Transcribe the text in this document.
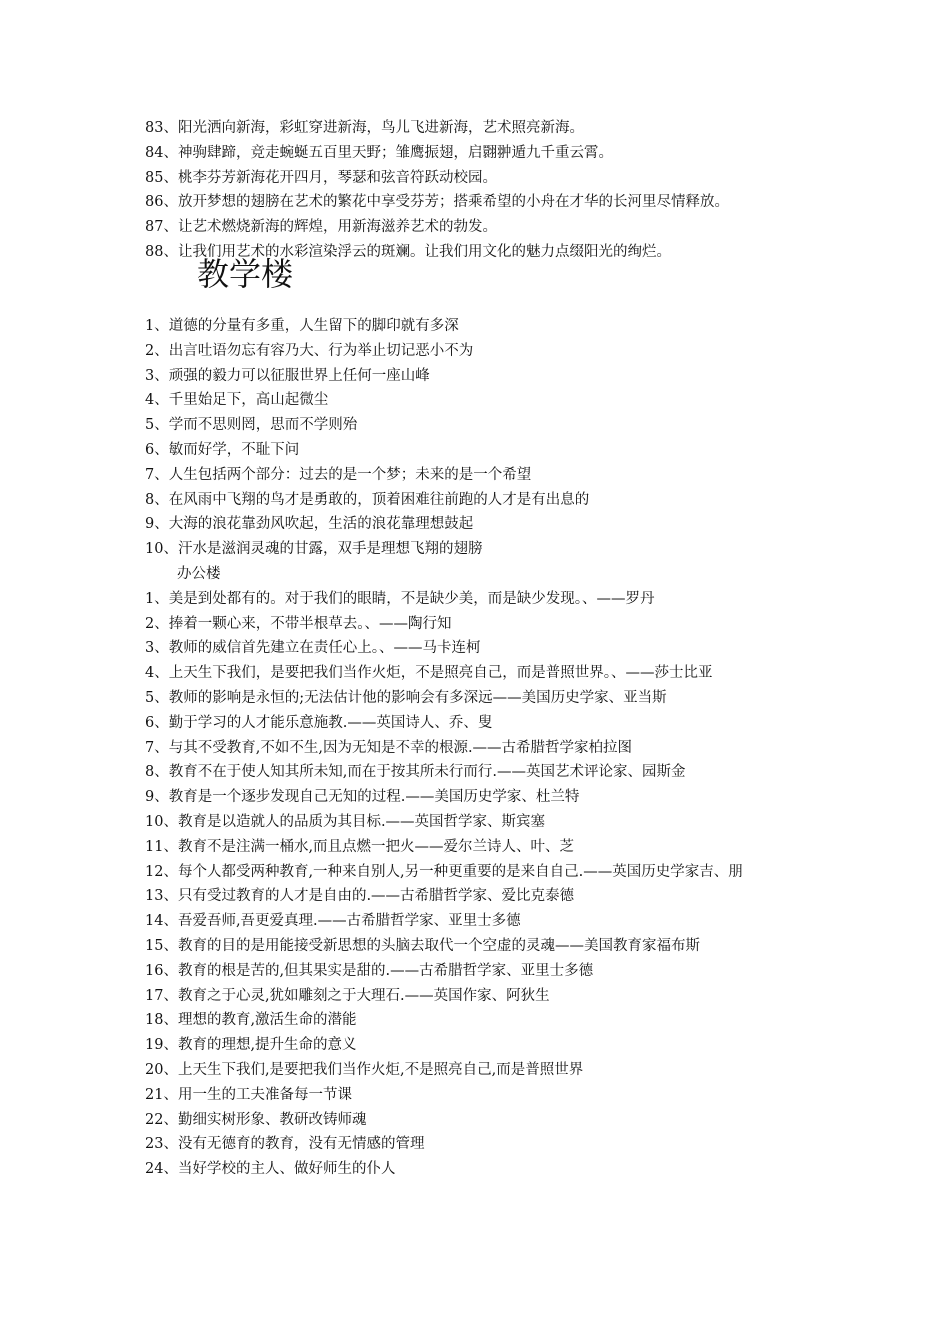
83、阳光洒向新海，彩虹穿进新海，鸟儿飞进新海，艺术照亮新海。
84、神驹肆蹄，竞走蜿蜒五百里天野；雏鹰振翅，启翾翀遁九千重云霄。
85、桃李芬芳新海花开四月，琴瑟和弦音符跃动校园。
86、放开梦想的翅膀在艺术的繁花中享受芬芳；搭乘希望的小舟在才华的长河里尽情释放。
87、让艺术燃烧新海的辉煌，用新海滋养艺术的勃发。
88、让我们用艺术的水彩渲染浮云的斑斓。让我们用文化的魅力点缀阳光的绚烂。
教学楼
1、道德的分量有多重，人生留下的脚印就有多深
2、出言吐语勿忘有容乃大、行为举止切记恶小不为
3、顽强的毅力可以征服世界上任何一座山峰
4、千里始足下，高山起微尘
5、学而不思则罔，思而不学则殆
6、敏而好学，不耻下问
7、人生包括两个部分：过去的是一个梦；未来的是一个希望
8、在风雨中飞翔的鸟才是勇敢的，顶着困难往前跑的人才是有出息的
9、大海的浪花靠劲风吹起，生活的浪花靠理想鼓起
10、汗水是滋润灵魂的甘露，双手是理想飞翔的翅膀
办公楼
1、美是到处都有的。对于我们的眼睛，不是缺少美，而是缺少发现。、——罗丹
2、捧着一颗心来，不带半根草去。、——陶行知
3、教师的威信首先建立在责任心上。、——马卡连柯
4、上天生下我们，是要把我们当作火炬，不是照亮自己，而是普照世界。、——莎士比亚
5、教师的影响是永恒的;无法估计他的影响会有多深远——美国历史学家、亚当斯
6、勤于学习的人才能乐意施教.——英国诗人、乔、叟
7、与其不受教育,不如不生,因为无知是不幸的根源.——古希腊哲学家柏拉图
8、教育不在于使人知其所未知,而在于按其所未行而行.——英国艺术评论家、园斯金
9、教育是一个逐步发现自己无知的过程.——美国历史学家、杜兰特
10、教育是以造就人的品质为其目标.——英国哲学家、斯宾塞
11、教育不是注满一桶水,而且点燃一把火——爱尔兰诗人、叶、芝
12、每个人都受两种教育,一种来自别人,另一种更重要的是来自自己.——英国历史学家吉、朋
13、只有受过教育的人才是自由的.——古希腊哲学家、爱比克泰德
14、吾爱吾师,吾更爱真理.——古希腊哲学家、亚里士多德
15、教育的目的是用能接受新思想的头脑去取代一个空虚的灵魂——美国教育家福布斯
16、教育的根是苦的,但其果实是甜的.——古希腊哲学家、亚里士多德
17、教育之于心灵,犹如雕刻之于大理石.——英国作家、阿狄生
18、理想的教育,激活生命的潜能
19、教育的理想,提升生命的意义
20、上天生下我们,是要把我们当作火炬,不是照亮自己,而是普照世界
21、用一生的工夫准备每一节课
22、勤细实树形象、教研改铸师魂
23、没有无德育的教育，没有无情感的管理
24、当好学校的主人、做好师生的仆人
